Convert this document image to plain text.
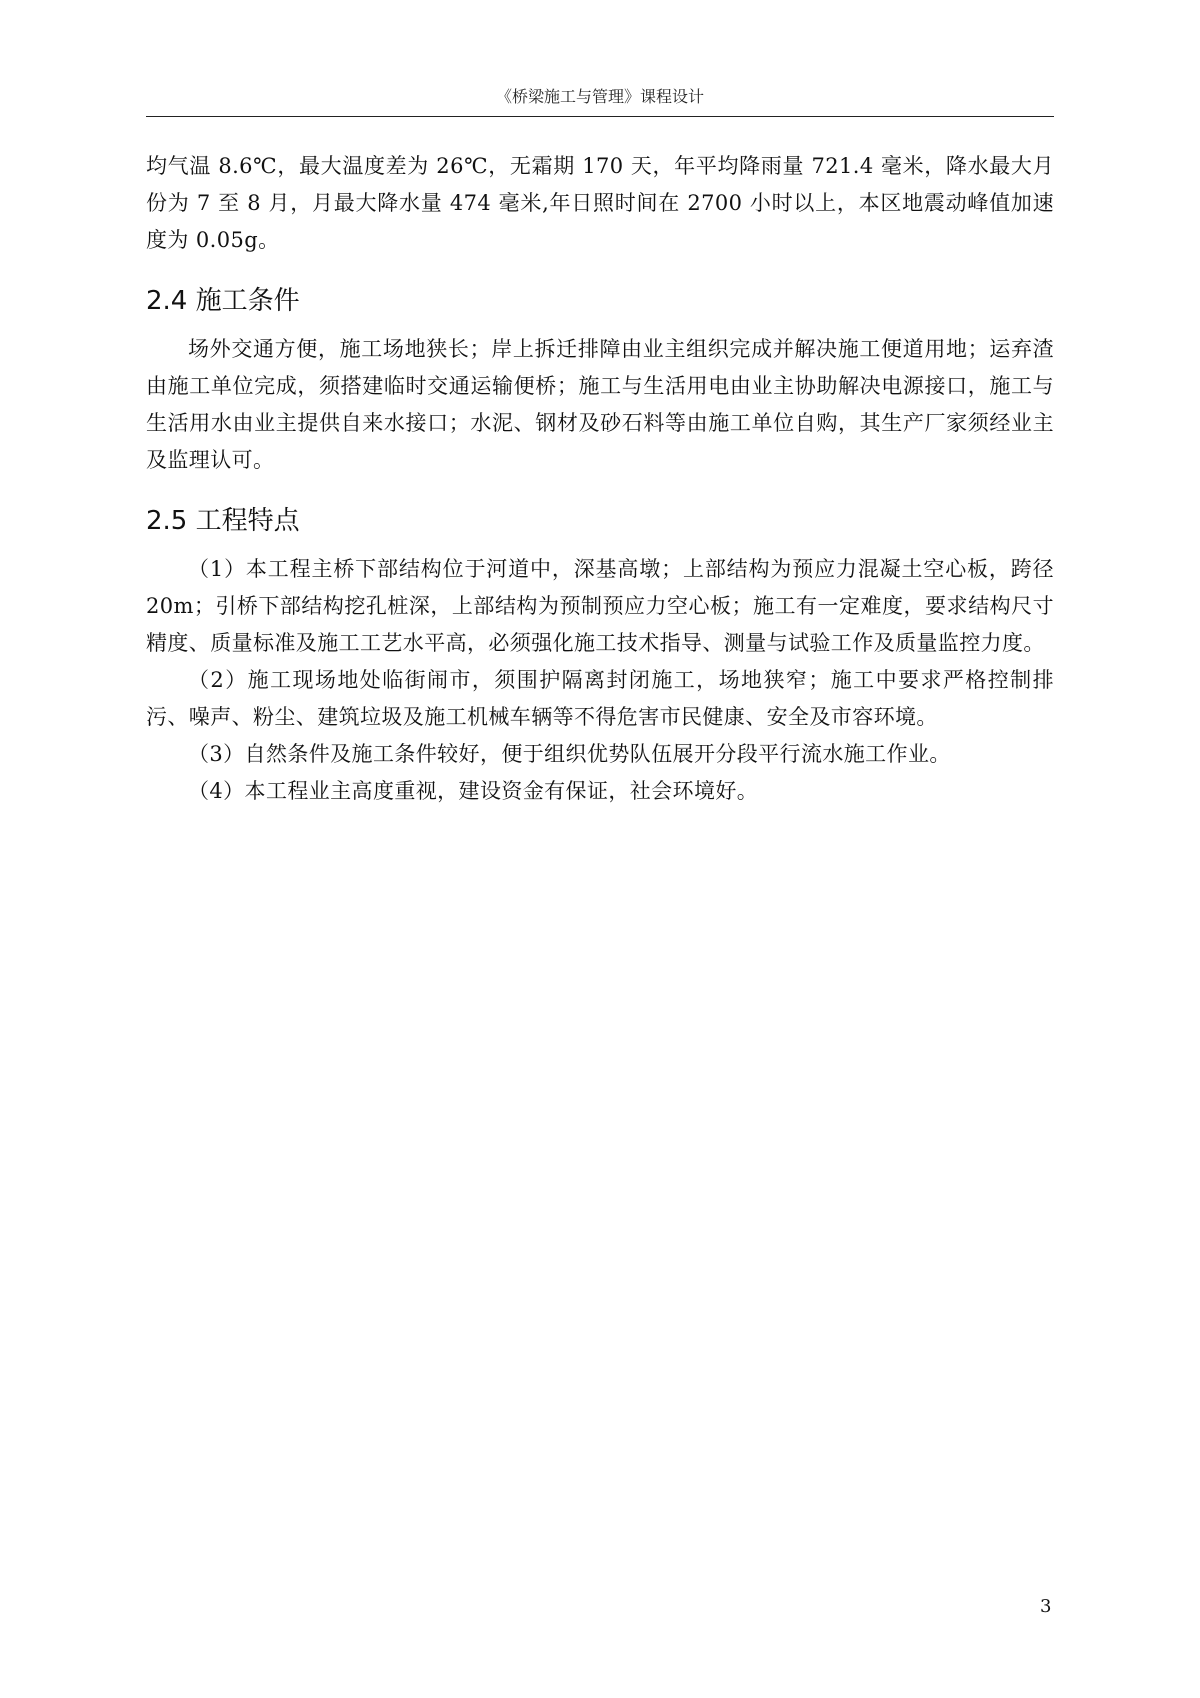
《桥梁施工与管理》课程设计

均气温 8.6℃，最大温度差为 26℃，无霜期 170 天，年平均降雨量 721.4 毫米，降水最大月份为 7 至 8 月，月最大降水量 474 毫米,年日照时间在 2700 小时以上，本区地震动峰值加速度为 0.05g。

2.4 施工条件

场外交通方便，施工场地狭长；岸上拆迁排障由业主组织完成并解决施工便道用地；运弃渣由施工单位完成，须搭建临时交通运输便桥；施工与生活用电由业主协助解决电源接口，施工与生活用水由业主提供自来水接口；水泥、钢材及砂石料等由施工单位自购，其生产厂家须经业主及监理认可。

2.5 工程特点

（1）本工程主桥下部结构位于河道中，深基高墩；上部结构为预应力混凝土空心板，跨径 20m；引桥下部结构挖孔桩深，上部结构为预制预应力空心板；施工有一定难度，要求结构尺寸精度、质量标准及施工工艺水平高，必须强化施工技术指导、测量与试验工作及质量监控力度。

（2）施工现场地处临街闹市，须围护隔离封闭施工，场地狭窄；施工中要求严格控制排污、噪声、粉尘、建筑垃圾及施工机械车辆等不得危害市民健康、安全及市容环境。

（3）自然条件及施工条件较好，便于组织优势队伍展开分段平行流水施工作业。

（4）本工程业主高度重视，建设资金有保证，社会环境好。

3
